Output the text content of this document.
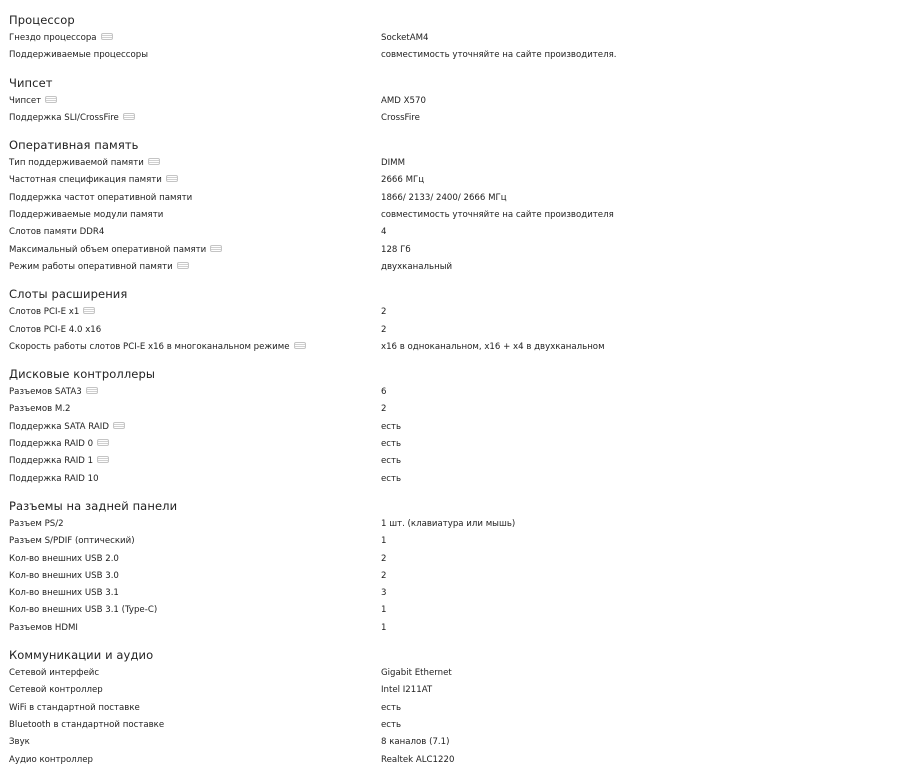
Процессор
Гнездо процессора	SocketAM4
Поддерживаемые процессоры	совместимость уточняйте на сайте производителя.
Чипсет
Чипсет	AMD X570
Поддержка SLI/CrossFire	CrossFire
Оперативная память
Тип поддерживаемой памяти	DIMM
Частотная спецификация памяти	2666 МГц
Поддержка частот оперативной памяти	1866/ 2133/ 2400/ 2666 МГц
Поддерживаемые модули памяти	совместимость уточняйте на сайте производителя
Слотов памяти DDR4	4
Максимальный объем оперативной памяти	128 Гб
Режим работы оперативной памяти	двухканальный
Слоты расширения
Слотов PCI-E x1	2
Слотов PCI-E 4.0 x16	2
Скорость работы слотов PCI-E x16 в многоканальном режиме	x16 в одноканальном, x16 + x4 в двухканальном
Дисковые контроллеры
Разъемов SATA3	6
Разъемов M.2	2
Поддержка SATA RAID	есть
Поддержка RAID 0	есть
Поддержка RAID 1	есть
Поддержка RAID 10	есть
Разъемы на задней панели
Разъем PS/2	1 шт. (клавиатура или мышь)
Разъем S/PDIF (оптический)	1
Кол-во внешних USB 2.0	2
Кол-во внешних USB 3.0	2
Кол-во внешних USB 3.1	3
Кол-во внешних USB 3.1 (Type-C)	1
Разъемов HDMI	1
Коммуникации и аудио
Сетевой интерфейс	Gigabit Ethernet
Сетевой контроллер	Intel I211AT
WiFi в стандартной поставке	есть
Bluetooth в стандартной поставке	есть
Звук	8 каналов (7.1)
Аудио контроллер	Realtek ALC1220
